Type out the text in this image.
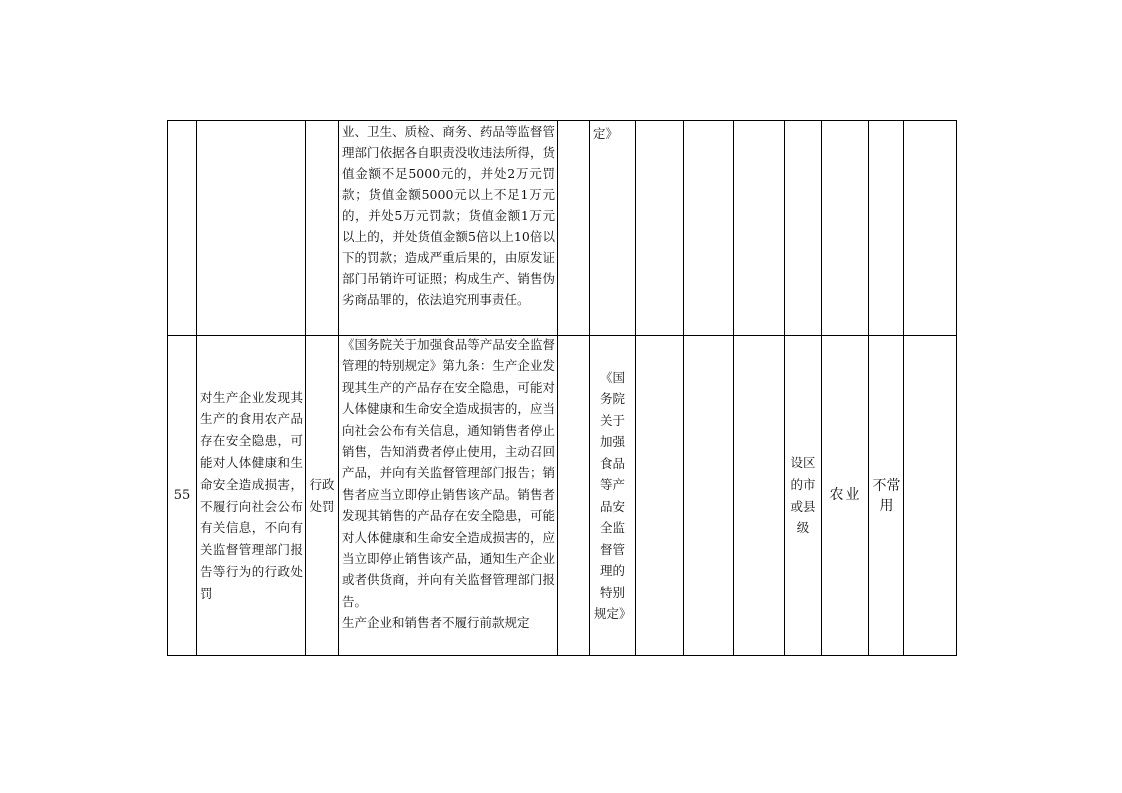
			业、卫生、质检、商务、药品等监督管理部门依据各自职责没收违法所得，货值金额不足5000元的，并处2万元罚款；货值金额5000元以上不足1万元的，并处5万元罚款；货值金额1万元以上的，并处货值金额5倍以上10倍以下的罚款；造成严重后果的，由原发证部门吊销许可证照；构成生产、销售伪劣商品罪的，依法追究刑事责任。		定》							

55	对生产企业发现其生产的食用农产品存在安全隐患，可能对人体健康和生命安全造成损害，不履行向社会公布有关信息，不向有关监督管理部门报告等行为的行政处罚	行政处罚	《国务院关于加强食品等产品安全监督管理的特别规定》第九条：生产企业发现其生产的产品存在安全隐患，可能对人体健康和生命安全造成损害的，应当向社会公布有关信息，通知销售者停止销售，告知消费者停止使用，主动召回产品，并向有关监督管理部门报告；销售者应当立即停止销售该产品。销售者发现其销售的产品存在安全隐患，可能对人体健康和生命安全造成损害的，应当立即停止销售该产品，通知生产企业或者供货商，并向有关监督管理部门报告。
生产企业和销售者不履行前款规定		《国务院关于加强食品等产品安全监督管理的特别规定》				设区的市或县级	农业	不常用	
